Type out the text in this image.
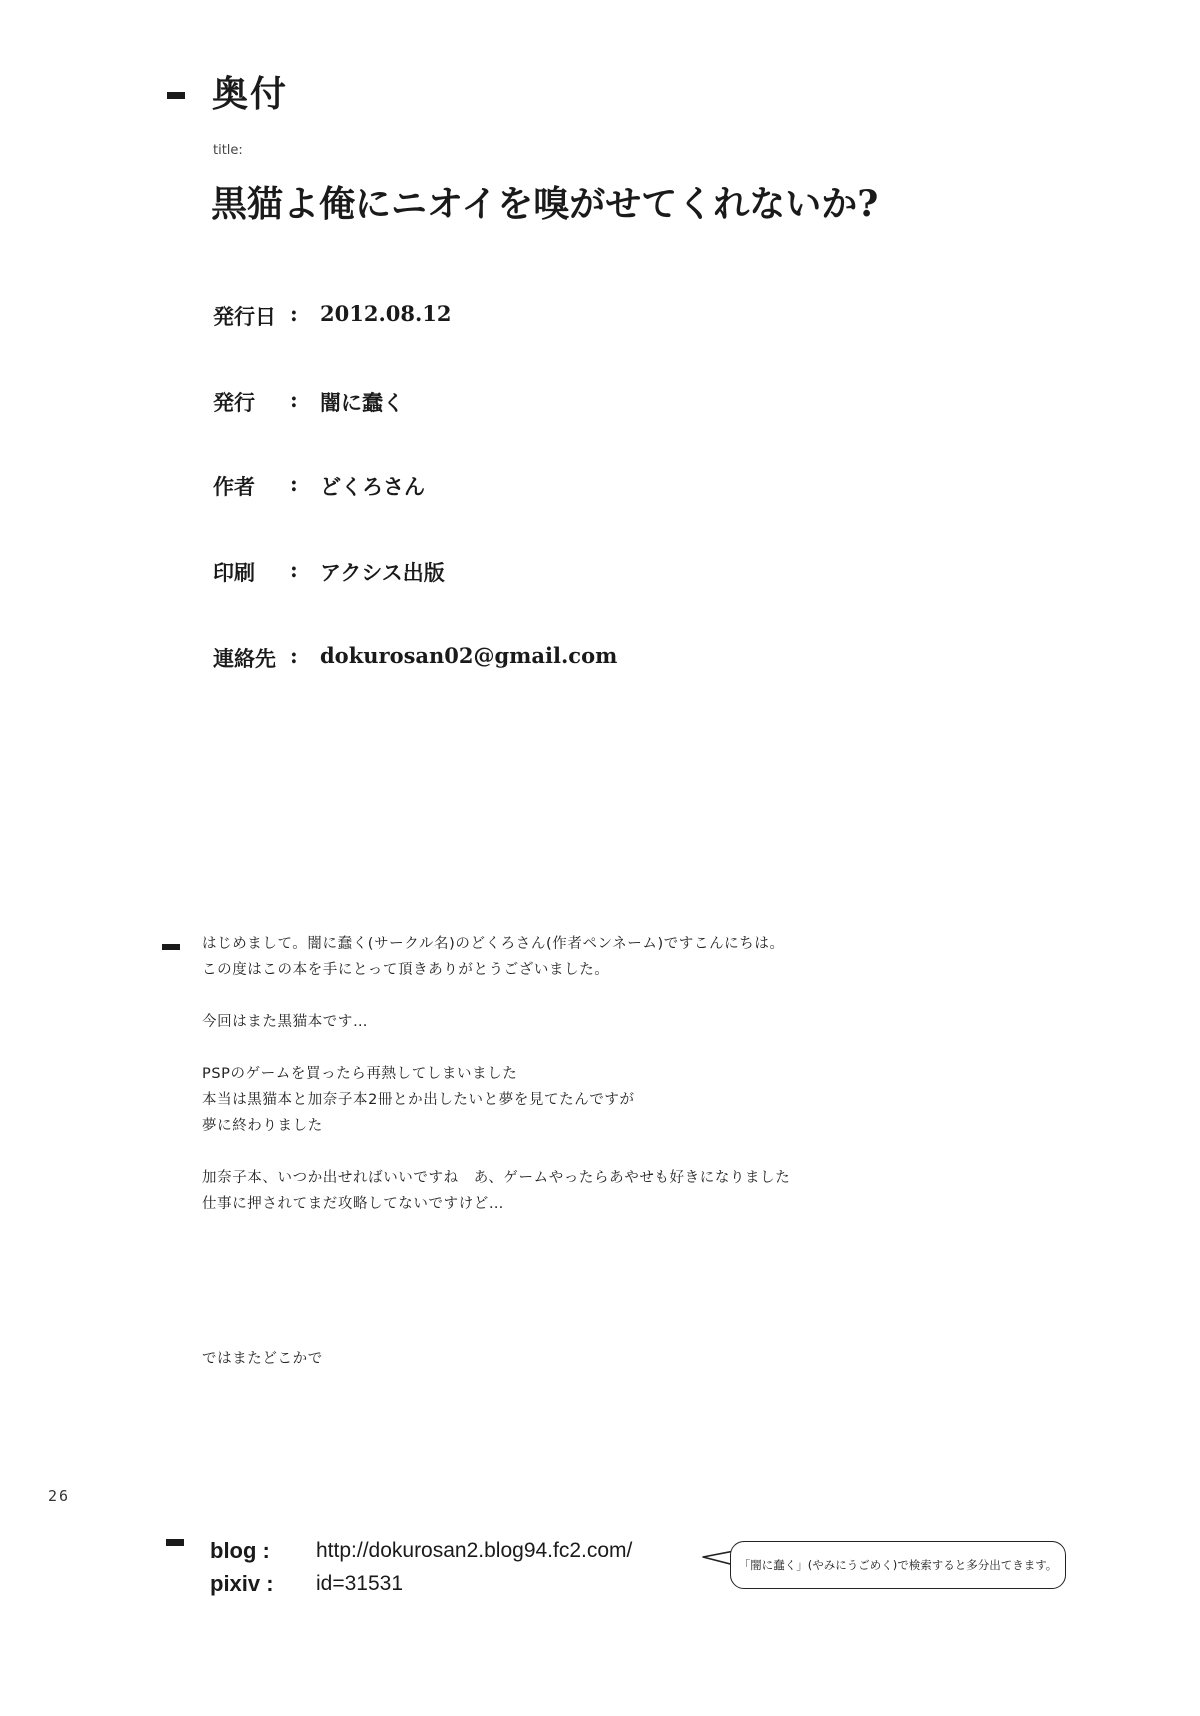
奥付
title:
黒猫よ俺にニオイを嗅がせてくれないか?
発行日 : 2012.08.12
発行 : 闇に蠢く
作者 : どくろさん
印刷 : アクシス出版
連絡先 : dokurosan02@gmail.com

はじめまして。闇に蠢く(サークル名)のどくろさん(作者ペンネーム)ですこんにちは。

この度はこの本を手にとって頂きありがとうございました。

今回はまた黒猫本です…

PSPのゲームを買ったら再熱してしまいました

本当は黒猫本と加奈子本2冊とか出したいと夢を見てたんですが

夢に終わりました

加奈子本、いつか出せればいいですね　あ、ゲームやったらあやせも好きになりました

仕事に押されてまだ攻略してないですけど…

ではまたどこかで

26
blog : http://dokurosan2.blog94.fc2.com/
pixiv : id=31531
「闇に蠢く」(やみにうごめく)で検索すると多分出てきます。
